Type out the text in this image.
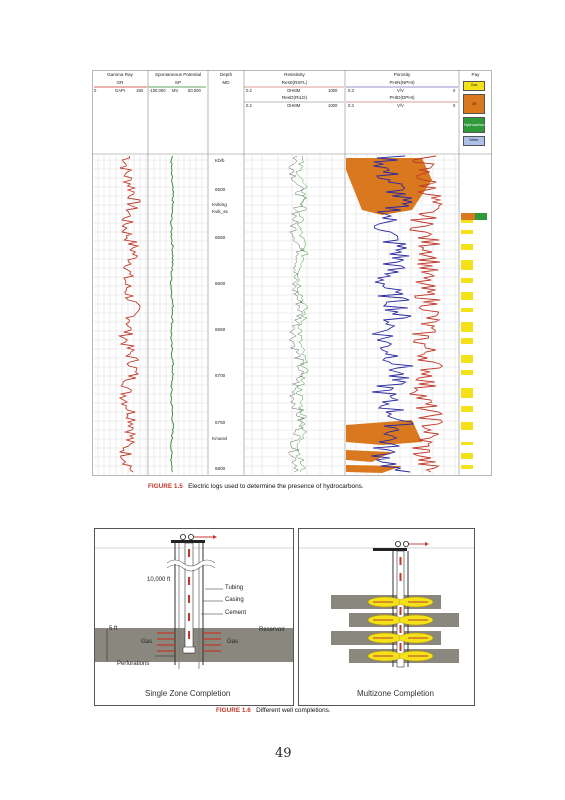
Gamma Ray
GR
0	GAPI	150
Spontaneous Potential
SP
-100.000 MV 50.000
Depth
MD
Resistivity
Res0(RSFL)
0.2	OHMM	1000
ResD(RILD)
0.2	OHMM	1000
Porosity
PHIN(NPHI)
0.3	V/V	0
PHID(DPHI)
0.3	V/V	0
Pay
Gas
Oil
Hydrocarbon
Water
Kb/b
6500
Kviking
Kvik_ss
6550
6600
6650
6700
6750
Kmanvl
6800
FIGURE 1.5 Electric logs used to determine the presence of hydrocarbons.
10,000 ft
Tubing
Casing
Cement
Reservoir
Gas	Gas
5 ft
Perforations
Single Zone Completion	Multizone Completion
FIGURE 1.6 Different well completions.
49
